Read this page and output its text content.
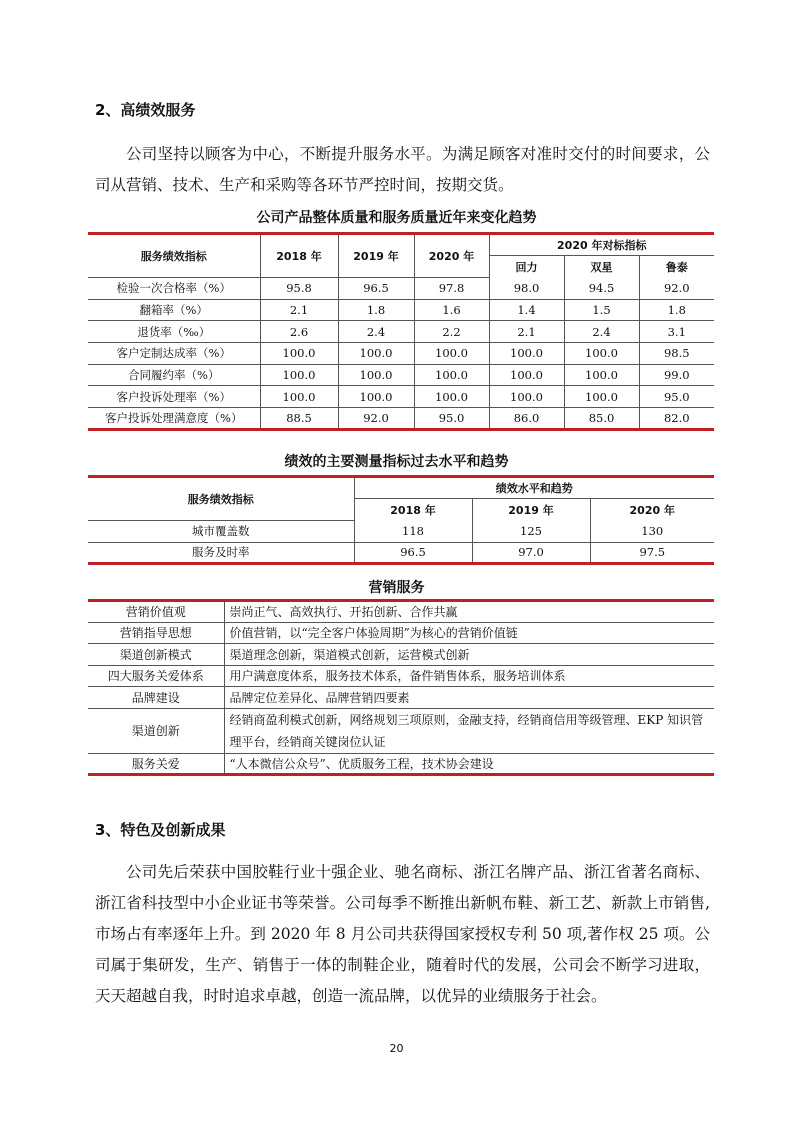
2、高绩效服务
公司坚持以顾客为中心，不断提升服务水平。为满足顾客对准时交付的时间要求，公司从营销、技术、生产和采购等各环节严控时间，按期交货。
公司产品整体质量和服务质量近年来变化趋势
服务绩效指标	2018 年	2019 年	2020 年	2020 年对标指标		
				回力	双星	鲁泰
检验一次合格率（%）	95.8	96.5	97.8	98.0	94.5	92.0
翻箱率（%）	2.1	1.8	1.6	1.4	1.5	1.8
退货率（‰）	2.6	2.4	2.2	2.1	2.4	3.1
客户定制达成率（%）	100.0	100.0	100.0	100.0	100.0	98.5
合同履约率（%）	100.0	100.0	100.0	100.0	100.0	99.0
客户投诉处理率（%）	100.0	100.0	100.0	100.0	100.0	95.0
客户投诉处理满意度（%）	88.5	92.0	95.0	86.0	85.0	82.0
绩效的主要测量指标过去水平和趋势
服务绩效指标	绩效水平和趋势		
	2018 年	2019 年	2020 年
城市覆盖数	118	125	130
服务及时率	96.5	97.0	97.5
营销服务
营销价值观	崇尚正气、高效执行、开拓创新、合作共赢
营销指导思想	价值营销，以“完全客户体验周期”为核心的营销价值链
渠道创新模式	渠道理念创新，渠道模式创新，运营模式创新
四大服务关爱体系	用户满意度体系，服务技术体系，备件销售体系，服务培训体系
品牌建设	品牌定位差异化、品牌营销四要素
渠道创新	经销商盈利模式创新，网络规划三项原则，金融支持，经销商信用等级管理、EKP 知识管理平台，经销商关键岗位认证
服务关爱	“人本微信公众号”、优质服务工程，技术协会建设
3、特色及创新成果
公司先后荣获中国胶鞋行业十强企业、驰名商标、浙江名牌产品、浙江省著名商标、浙江省科技型中小企业证书等荣誉。公司每季不断推出新帆布鞋、新工艺、新款上市销售,市场占有率逐年上升。到 2020 年 8 月公司共获得国家授权专利 50 项,著作权 25 项。公司属于集研发，生产、销售于一体的制鞋企业，随着时代的发展，公司会不断学习进取，天天超越自我，时时追求卓越，创造一流品牌，以优异的业绩服务于社会。
20
